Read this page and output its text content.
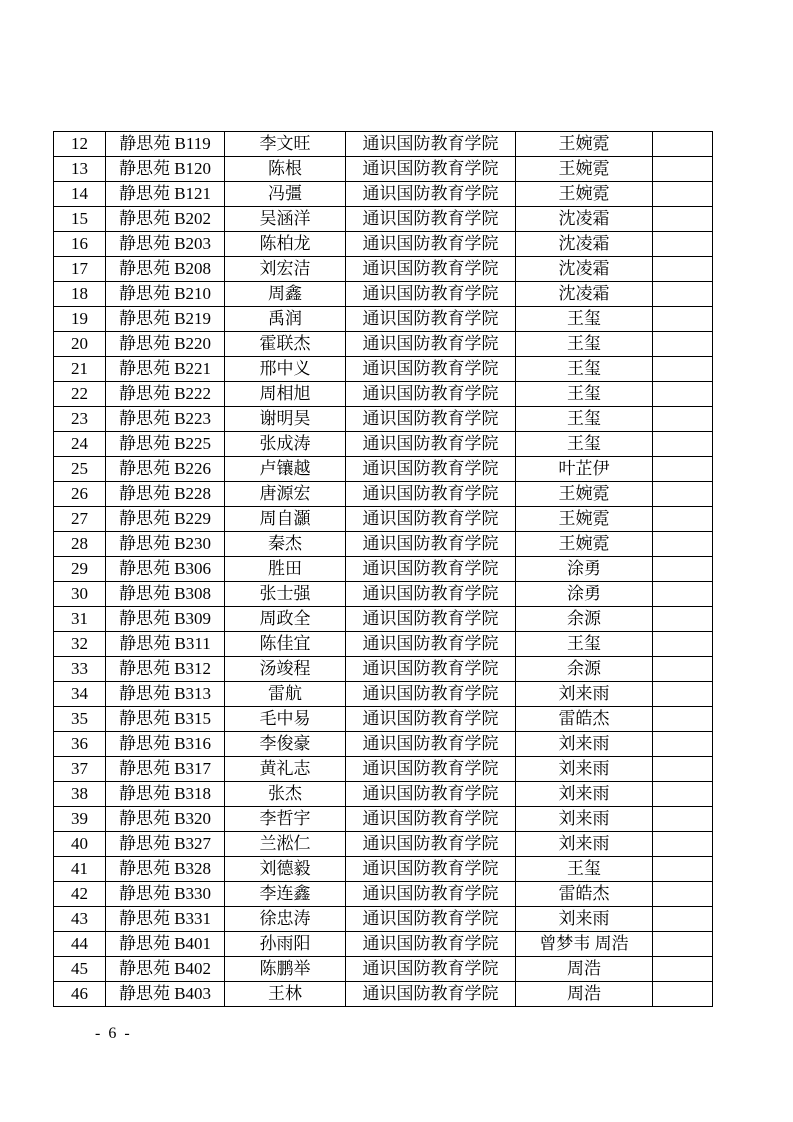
12	静思苑 B119	李文旺	通识国防教育学院	王婉霓	
13	静思苑 B120	陈根	通识国防教育学院	王婉霓	
14	静思苑 B121	冯彊	通识国防教育学院	王婉霓	
15	静思苑 B202	吴涵洋	通识国防教育学院	沈凌霜	
16	静思苑 B203	陈柏龙	通识国防教育学院	沈凌霜	
17	静思苑 B208	刘宏洁	通识国防教育学院	沈凌霜	
18	静思苑 B210	周鑫	通识国防教育学院	沈凌霜	
19	静思苑 B219	禹润	通识国防教育学院	王玺	
20	静思苑 B220	霍联杰	通识国防教育学院	王玺	
21	静思苑 B221	邢中义	通识国防教育学院	王玺	
22	静思苑 B222	周相旭	通识国防教育学院	王玺	
23	静思苑 B223	谢明昊	通识国防教育学院	王玺	
24	静思苑 B225	张成涛	通识国防教育学院	王玺	
25	静思苑 B226	卢镶越	通识国防教育学院	叶芷伊	
26	静思苑 B228	唐源宏	通识国防教育学院	王婉霓	
27	静思苑 B229	周自灝	通识国防教育学院	王婉霓	
28	静思苑 B230	秦杰	通识国防教育学院	王婉霓	
29	静思苑 B306	胜田	通识国防教育学院	涂勇	
30	静思苑 B308	张士强	通识国防教育学院	涂勇	
31	静思苑 B309	周政全	通识国防教育学院	余源	
32	静思苑 B311	陈佳宜	通识国防教育学院	王玺	
33	静思苑 B312	汤竣程	通识国防教育学院	余源	
34	静思苑 B313	雷航	通识国防教育学院	刘来雨	
35	静思苑 B315	毛中易	通识国防教育学院	雷皓杰	
36	静思苑 B316	李俊豪	通识国防教育学院	刘来雨	
37	静思苑 B317	黄礼志	通识国防教育学院	刘来雨	
38	静思苑 B318	张杰	通识国防教育学院	刘来雨	
39	静思苑 B320	李哲宇	通识国防教育学院	刘来雨	
40	静思苑 B327	兰淞仁	通识国防教育学院	刘来雨	
41	静思苑 B328	刘德毅	通识国防教育学院	王玺	
42	静思苑 B330	李连鑫	通识国防教育学院	雷皓杰	
43	静思苑 B331	徐忠涛	通识国防教育学院	刘来雨	
44	静思苑 B401	孙雨阳	通识国防教育学院	曾梦韦 周浩	
45	静思苑 B402	陈鹏举	通识国防教育学院	周浩	
46	静思苑 B403	王林	通识国防教育学院	周浩	
- 6 -
